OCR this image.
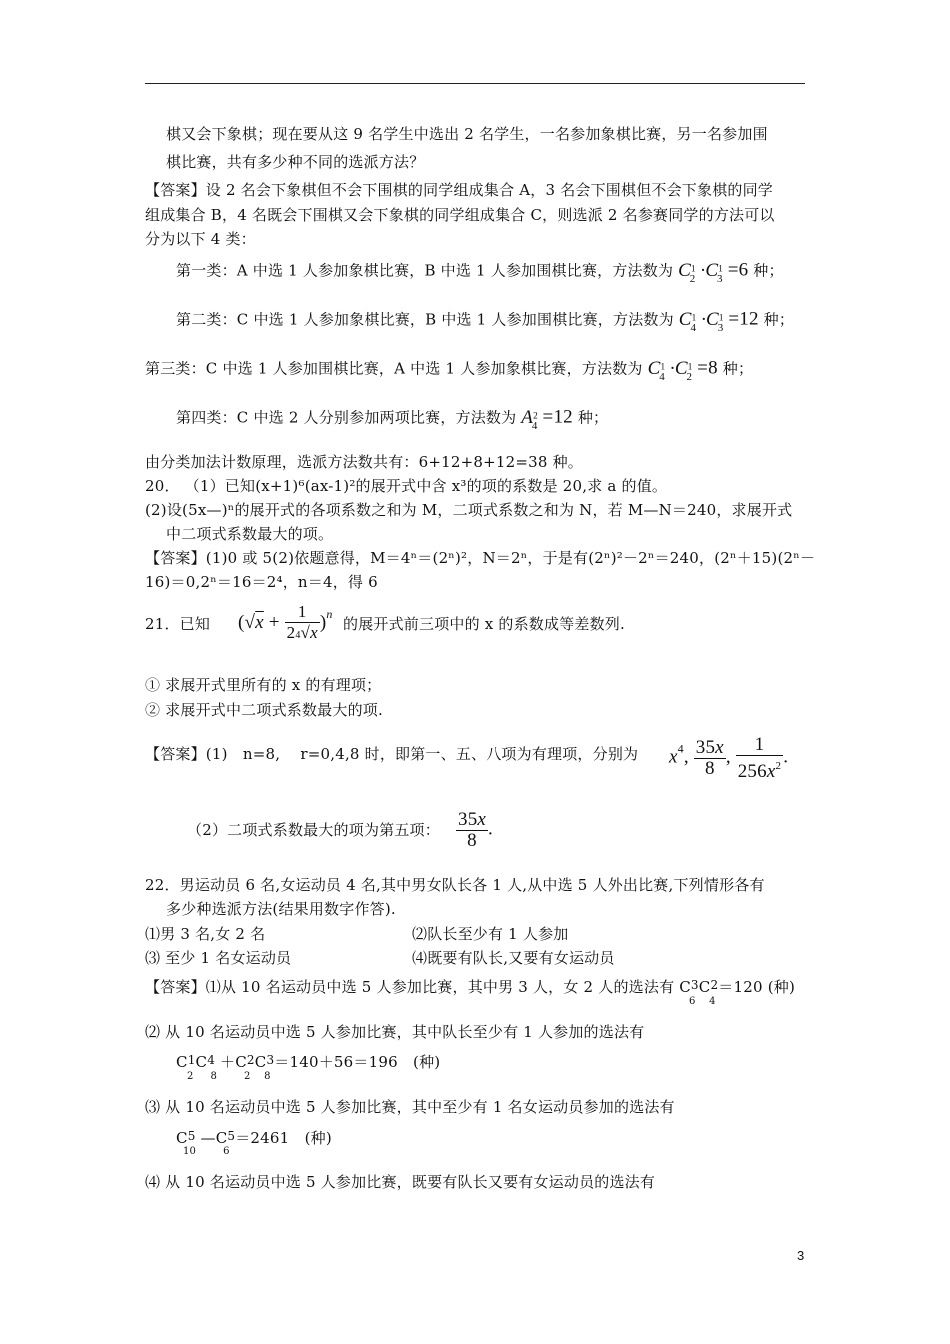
棋又会下象棋；现在要从这 9 名学生中选出 2 名学生，一名参加象棋比赛，另一名参加围
棋比赛，共有多少种不同的选派方法？
【答案】设 2 名会下象棋但不会下围棋的同学组成集合 A，3 名会下围棋但不会下象棋的同学
组成集合 B，4 名既会下围棋又会下象棋的同学组成集合 C，则选派 2 名参赛同学的方法可以
分为以下 4 类：
第一类：A 中选 1 人参加象棋比赛，B 中选 1 人参加围棋比赛，方法数为 $C^1_2 \cdot C^1_3 =6$ 种；
第二类：C 中选 1 人参加象棋比赛，B 中选 1 人参加围棋比赛，方法数为 $C^1_4 \cdot C^1_3 =12$ 种；
第三类：C 中选 1 人参加围棋比赛，A 中选 1 人参加象棋比赛，方法数为 $C^1_4 \cdot C^1_2 =8$ 种；
第四类：C 中选 2 人分别参加两项比赛，方法数为 $A^2_4 =12$ 种；
由分类加法计数原理，选派方法数共有：6+12+8+12=38 种。
20． （1）已知(x+1)⁶(ax-1)²的展开式中含 x³的项的系数是 20,求 a 的值。
(2)设(5x—)ⁿ的展开式的各项系数之和为 M，二项式系数之和为 N，若 M—N＝240，求展开式
中二项式系数最大的项。
【答案】(1)0 或 5(2)依题意得，M＝4ⁿ＝(2ⁿ)²，N＝2ⁿ，于是有(2ⁿ)²－2ⁿ＝240，(2ⁿ＋15)(2ⁿ－
16)＝0,2ⁿ＝16＝2⁴，n＝4，得 6
21．已知 $(√x + \frac{1}{24√x} )^n$
的展开式前三项中的 x 的系数成等差数列.
① 求展开式里所有的 x 的有理项；
② 求展开式中二项式系数最大的项.
【答案】(1)　n=8,　 r=0,4,8 时，即第一、五、八项为有理项，分别为 $x^4$, $\frac{35x}{8}$ , $\frac{1}{256x^2}$ .
（2）二项式系数最大的项为第五项： $\frac{35x}{8}$ .
22．男运动员 6 名,女运动员 4 名,其中男女队长各 1 人,从中选 5 人外出比赛,下列情形各有
多少种选派方法(结果用数字作答).
⑴男 3 名,女 2 名	⑵队长至少有 1 人参加
⑶ 至少 1 名女运动员	⑷既要有队长,又要有女运动员
【答案】⑴从 10 名运动员中选 5 人参加比赛，其中男 3 人，女 2 人的选法有 $C^3C^2=120$ (种)
6    4
⑵ 从 10 名运动员中选 5 人参加比赛，其中队长至少有 1 人参加的选法有
$C^1C^4 +C^2C^3=140+56=196$　(种)
2     8        2    8
⑶ 从 10 名运动员中选 5 人参加比赛，其中至少有 1 名女运动员参加的选法有
$C^5$ $—C^5=2461$　(种)
10        6
⑷ 从 10 名运动员中选 5 人参加比赛，既要有队长又要有女运动员的选法有
3
